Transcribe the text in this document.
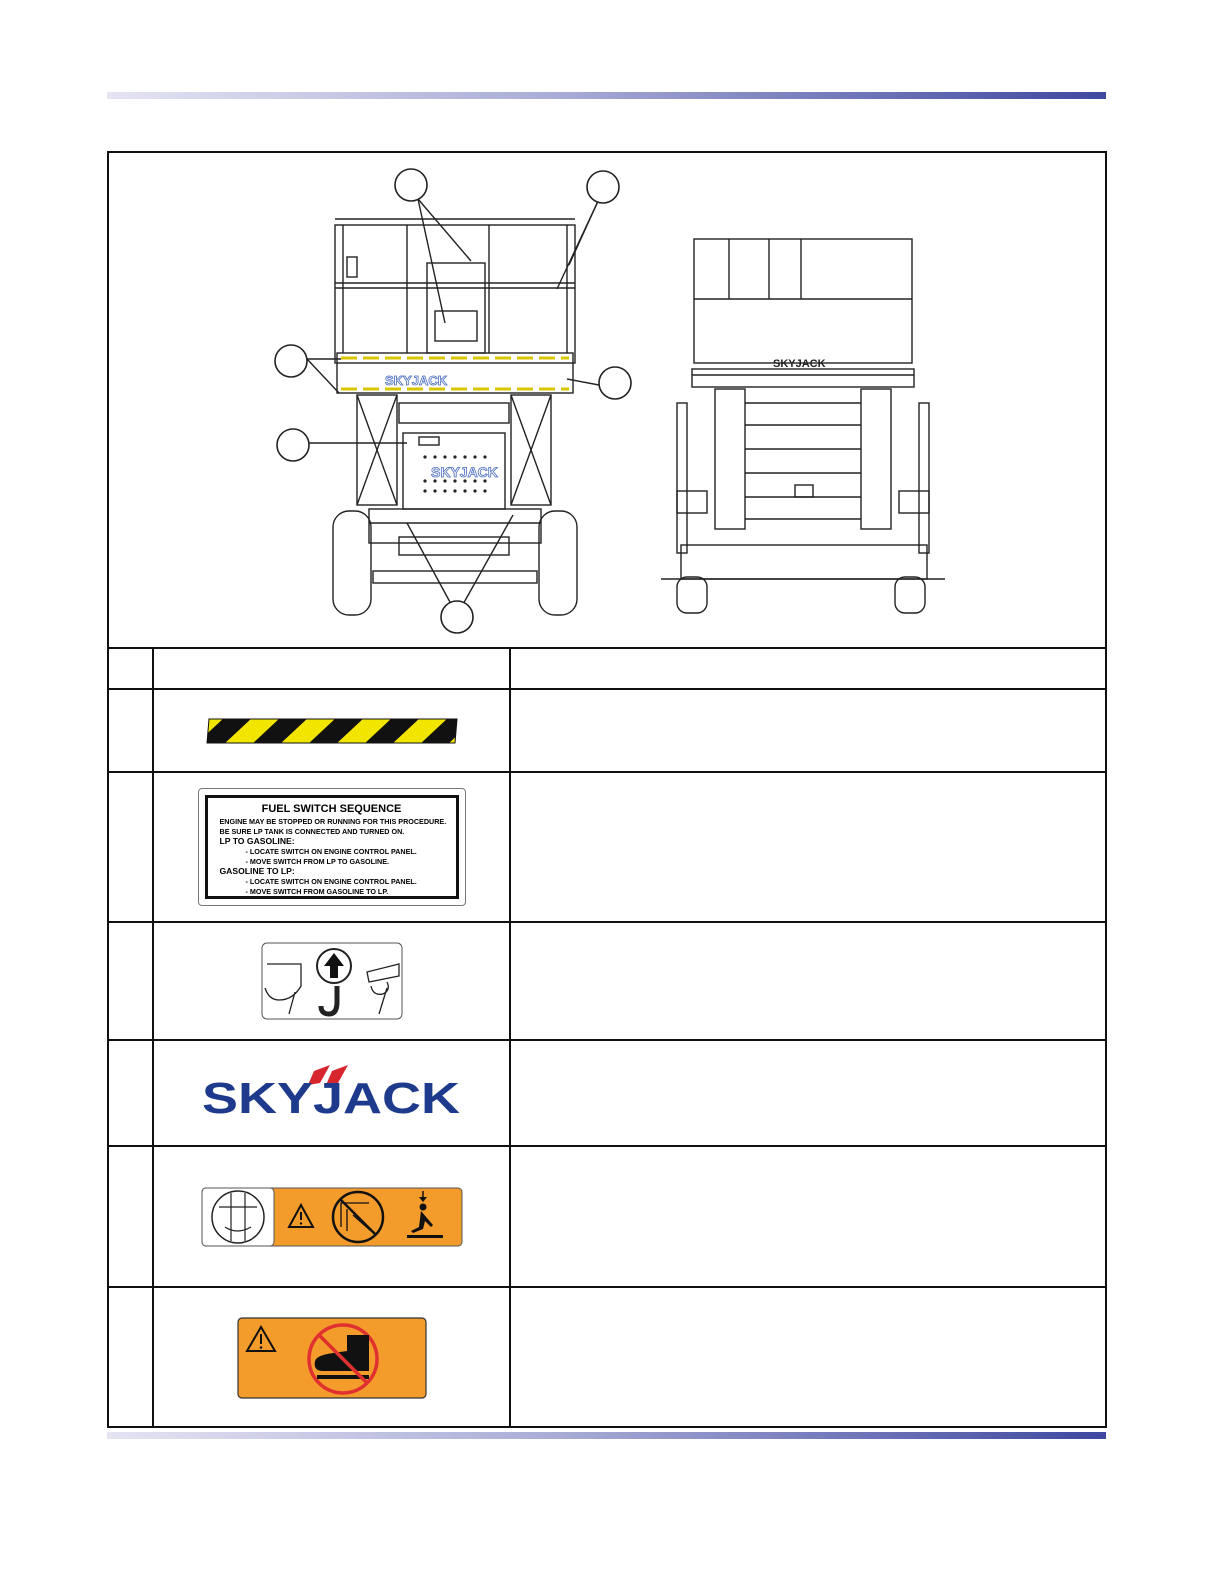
SKYJACK
SKYJACK
SKYJACK
FUEL SWITCH SEQUENCE
ENGINE MAY BE STOPPED OR RUNNING FOR THIS PROCEDURE.
BE SURE LP TANK IS CONNECTED AND TURNED ON.
LP TO GASOLINE:
- LOCATE SWITCH ON ENGINE CONTROL PANEL.
- MOVE SWITCH FROM LP TO GASOLINE.
GASOLINE TO LP:
- LOCATE SWITCH ON ENGINE CONTROL PANEL.
- MOVE SWITCH FROM GASOLINE TO LP.
SKYJACK
